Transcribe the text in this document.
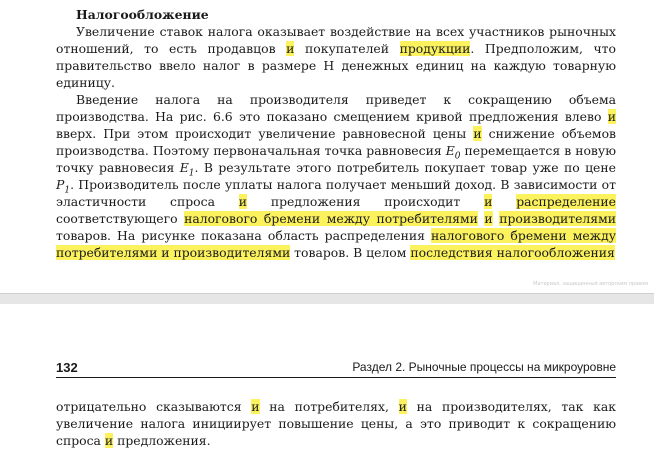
Налогообложение

Увеличение ставок налога оказывает воздействие на всех участников рыночных отношений, то есть продавцов и покупателей продукции. Предположим, что правительство ввело налог в размере Н денежных единиц на каждую товарную единицу.

Введение налога на производителя приведет к сокращению объема производства. На рис. 6.6 это показано смещением кривой предложения влево и вверх. При этом происходит увеличение равновесной цены и снижение объемов производства. Поэтому первоначальная точка равновесия $E_0$ перемещается в новую точку равновесия $E_1$. В результате этого потребитель покупает товар уже по цене $P_1$. Производитель после уплаты налога получает меньший доход. В зависимости от эластичности спроса и предложения происходит и распределение соответствующего налогового бремени между потребителями и производителями товаров. На рисунке показана область распределения налогового бремени между потребителями и производителями товаров. В целом последствия налогообложения

Материал, защищенный авторским правом
132	Раздел 2. Рыночные процессы на микроуровне

отрицательно сказываются и на потребителях, и на производителях, так как увеличение налога инициирует повышение цены, а это приводит к сокращению спроса и предложения.
